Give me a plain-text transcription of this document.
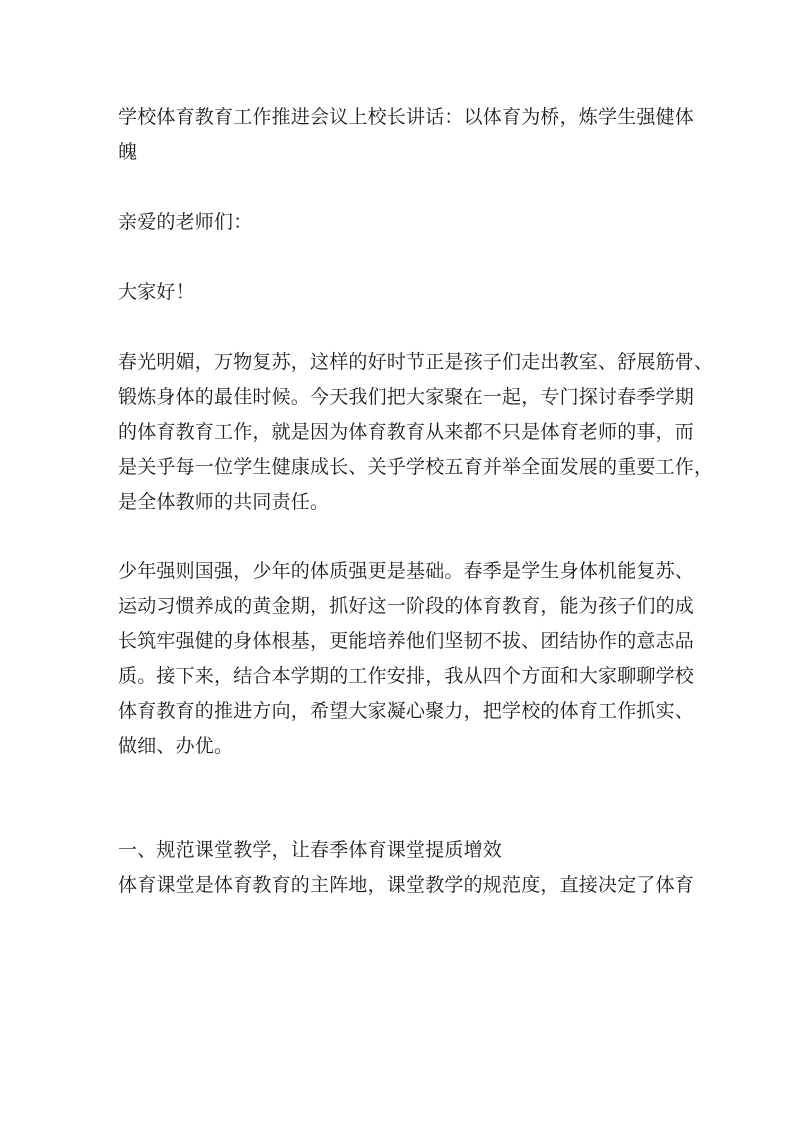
学校体育教育工作推进会议上校长讲话：以体育为桥，炼学生强健体
魄
亲爱的老师们：
大家好！
春光明媚，万物复苏，这样的好时节正是孩子们走出教室、舒展筋骨、
锻炼身体的最佳时候。今天我们把大家聚在一起，专门探讨春季学期
的体育教育工作，就是因为体育教育从来都不只是体育老师的事，而
是关乎每一位学生健康成长、关乎学校五育并举全面发展的重要工作，
是全体教师的共同责任。
少年强则国强，少年的体质强更是基础。春季是学生身体机能复苏、
运动习惯养成的黄金期，抓好这一阶段的体育教育，能为孩子们的成
长筑牢强健的身体根基，更能培养他们坚韧不拔、团结协作的意志品
质。接下来，结合本学期的工作安排，我从四个方面和大家聊聊学校
体育教育的推进方向，希望大家凝心聚力，把学校的体育工作抓实、
做细、办优。
一、规范课堂教学，让春季体育课堂提质增效
体育课堂是体育教育的主阵地，课堂教学的规范度，直接决定了体育
